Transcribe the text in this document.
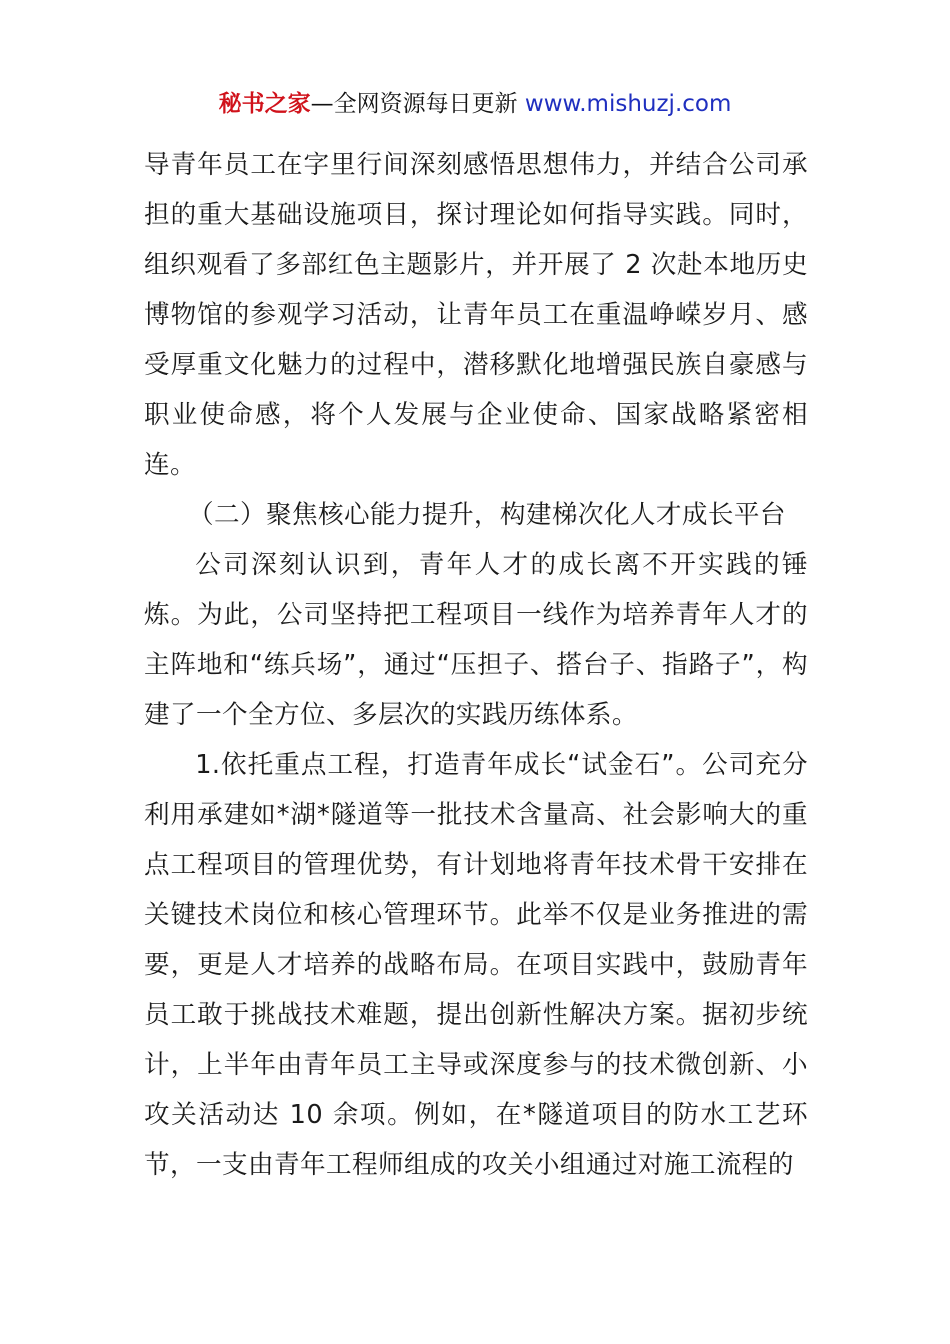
秘书之家—全网资源每日更新 www.mishuzj.com

导青年员工在字里行间深刻感悟思想伟力，并结合公司承担的重大基础设施项目，探讨理论如何指导实践。同时，组织观看了多部红色主题影片，并开展了 2 次赴本地历史博物馆的参观学习活动，让青年员工在重温峥嵘岁月、感受厚重文化魅力的过程中，潜移默化地增强民族自豪感与职业使命感，将个人发展与企业使命、国家战略紧密相连。

（二）聚焦核心能力提升，构建梯次化人才成长平台

公司深刻认识到，青年人才的成长离不开实践的锤炼。为此，公司坚持把工程项目一线作为培养青年人才的主阵地和“练兵场”，通过“压担子、搭台子、指路子”，构建了一个全方位、多层次的实践历练体系。

1.依托重点工程，打造青年成长“试金石”。公司充分利用承建如*湖*隧道等一批技术含量高、社会影响大的重点工程项目的管理优势，有计划地将青年技术骨干安排在关键技术岗位和核心管理环节。此举不仅是业务推进的需要，更是人才培养的战略布局。在项目实践中，鼓励青年员工敢于挑战技术难题，提出创新性解决方案。据初步统计，上半年由青年员工主导或深度参与的技术微创新、小攻关活动达 10 余项。例如，在*隧道项目的防水工艺环节，一支由青年工程师组成的攻关小组通过对施工流程的
